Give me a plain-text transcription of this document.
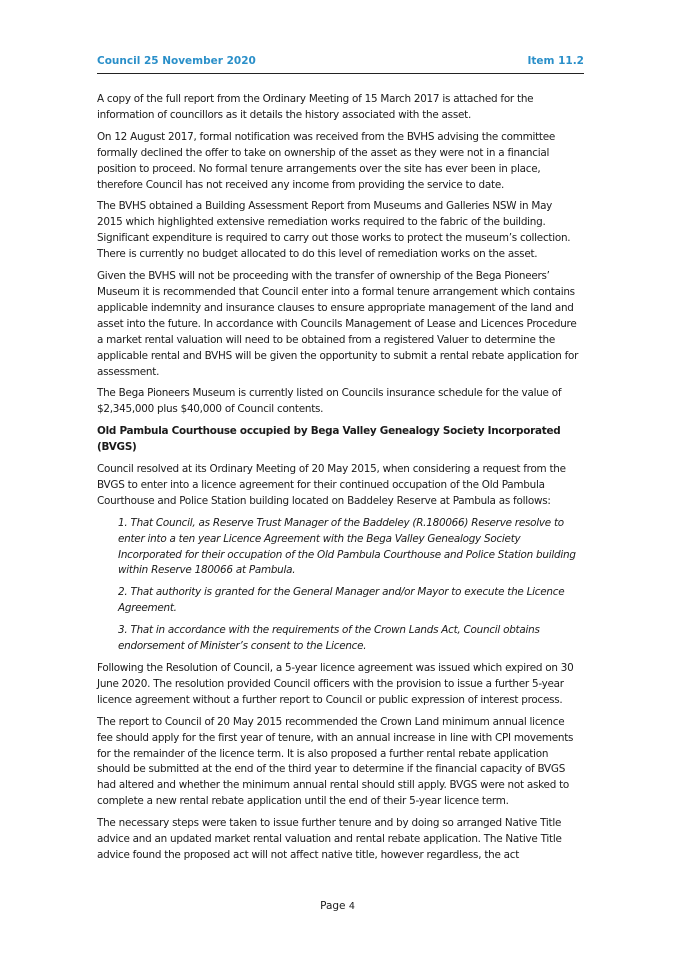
Council 25 November 2020	Item 11.2

A copy of the full report from the Ordinary Meeting of 15 March 2017 is attached for the information of councillors as it details the history associated with the asset.

On 12 August 2017, formal notification was received from the BVHS advising the committee formally declined the offer to take on ownership of the asset as they were not in a financial position to proceed. No formal tenure arrangements over the site has ever been in place, therefore Council has not received any income from providing the service to date.

The BVHS obtained a Building Assessment Report from Museums and Galleries NSW in May 2015 which highlighted extensive remediation works required to the fabric of the building. Significant expenditure is required to carry out those works to protect the museum’s collection. There is currently no budget allocated to do this level of remediation works on the asset.

Given the BVHS will not be proceeding with the transfer of ownership of the Bega Pioneers’ Museum it is recommended that Council enter into a formal tenure arrangement which contains applicable indemnity and insurance clauses to ensure appropriate management of the land and asset into the future. In accordance with Councils Management of Lease and Licences Procedure a market rental valuation will need to be obtained from a registered Valuer to determine the applicable rental and BVHS will be given the opportunity to submit a rental rebate application for assessment.

The Bega Pioneers Museum is currently listed on Councils insurance schedule for the value of $2,345,000 plus $40,000 of Council contents.

Old Pambula Courthouse occupied by Bega Valley Genealogy Society Incorporated (BVGS)

Council resolved at its Ordinary Meeting of 20 May 2015, when considering a request from the BVGS to enter into a licence agreement for their continued occupation of the Old Pambula Courthouse and Police Station building located on Baddeley Reserve at Pambula as follows:

1. That Council, as Reserve Trust Manager of the Baddeley (R.180066) Reserve resolve to enter into a ten year Licence Agreement with the Bega Valley Genealogy Society Incorporated for their occupation of the Old Pambula Courthouse and Police Station building within Reserve 180066 at Pambula.

2. That authority is granted for the General Manager and/or Mayor to execute the Licence Agreement.

3. That in accordance with the requirements of the Crown Lands Act, Council obtains endorsement of Minister’s consent to the Licence.

Following the Resolution of Council, a 5-year licence agreement was issued which expired on 30 June 2020. The resolution provided Council officers with the provision to issue a further 5-year licence agreement without a further report to Council or public expression of interest process.

The report to Council of 20 May 2015 recommended the Crown Land minimum annual licence fee should apply for the first year of tenure, with an annual increase in line with CPI movements for the remainder of the licence term. It is also proposed a further rental rebate application should be submitted at the end of the third year to determine if the financial capacity of BVGS had altered and whether the minimum annual rental should still apply. BVGS were not asked to complete a new rental rebate application until the end of their 5-year licence term.

The necessary steps were taken to issue further tenure and by doing so arranged Native Title advice and an updated market rental valuation and rental rebate application. The Native Title advice found the proposed act will not affect native title, however regardless, the act

Page 4
